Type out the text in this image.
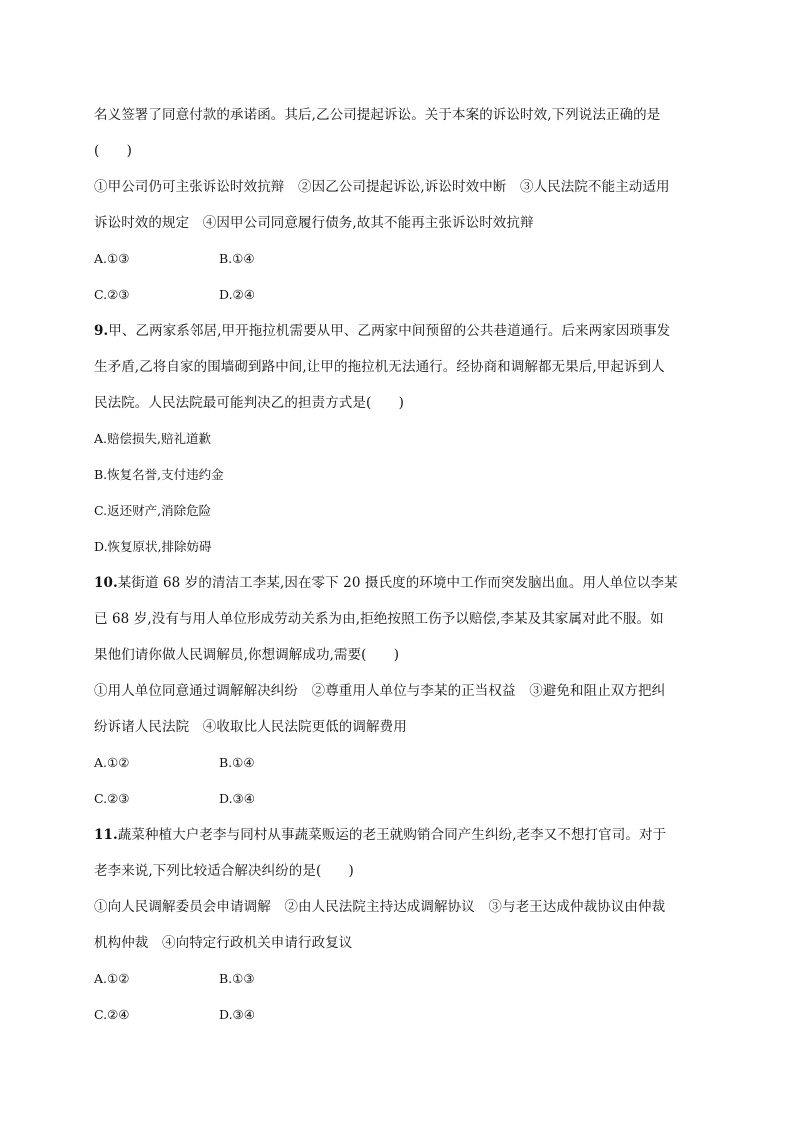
名义签署了同意付款的承诺函。其后,乙公司提起诉讼。关于本案的诉讼时效,下列说法正确的是
(　　)
①甲公司仍可主张诉讼时效抗辩　②因乙公司提起诉讼,诉讼时效中断　③人民法院不能主动适用
诉讼时效的规定　④因甲公司同意履行债务,故其不能再主张诉讼时效抗辩
A.①③	B.①④
C.②③	D.②④
9.甲、乙两家系邻居,甲开拖拉机需要从甲、乙两家中间预留的公共巷道通行。后来两家因琐事发
生矛盾,乙将自家的围墙砌到路中间,让甲的拖拉机无法通行。经协商和调解都无果后,甲起诉到人
民法院。人民法院最可能判决乙的担责方式是(　　)
A.赔偿损失,赔礼道歉
B.恢复名誉,支付违约金
C.返还财产,消除危险
D.恢复原状,排除妨碍
10.某街道 68 岁的清洁工李某,因在零下 20 摄氏度的环境中工作而突发脑出血。用人单位以李某
已 68 岁,没有与用人单位形成劳动关系为由,拒绝按照工伤予以赔偿,李某及其家属对此不服。如
果他们请你做人民调解员,你想调解成功,需要(　　)
①用人单位同意通过调解解决纠纷　②尊重用人单位与李某的正当权益　③避免和阻止双方把纠
纷诉诸人民法院　④收取比人民法院更低的调解费用
A.①②	B.①④
C.②③	D.③④
11.蔬菜种植大户老李与同村从事蔬菜贩运的老王就购销合同产生纠纷,老李又不想打官司。对于
老李来说,下列比较适合解决纠纷的是(　　)
①向人民调解委员会申请调解　②由人民法院主持达成调解协议　③与老王达成仲裁协议由仲裁
机构仲裁　④向特定行政机关申请行政复议
A.①②	B.①③
C.②④	D.③④
